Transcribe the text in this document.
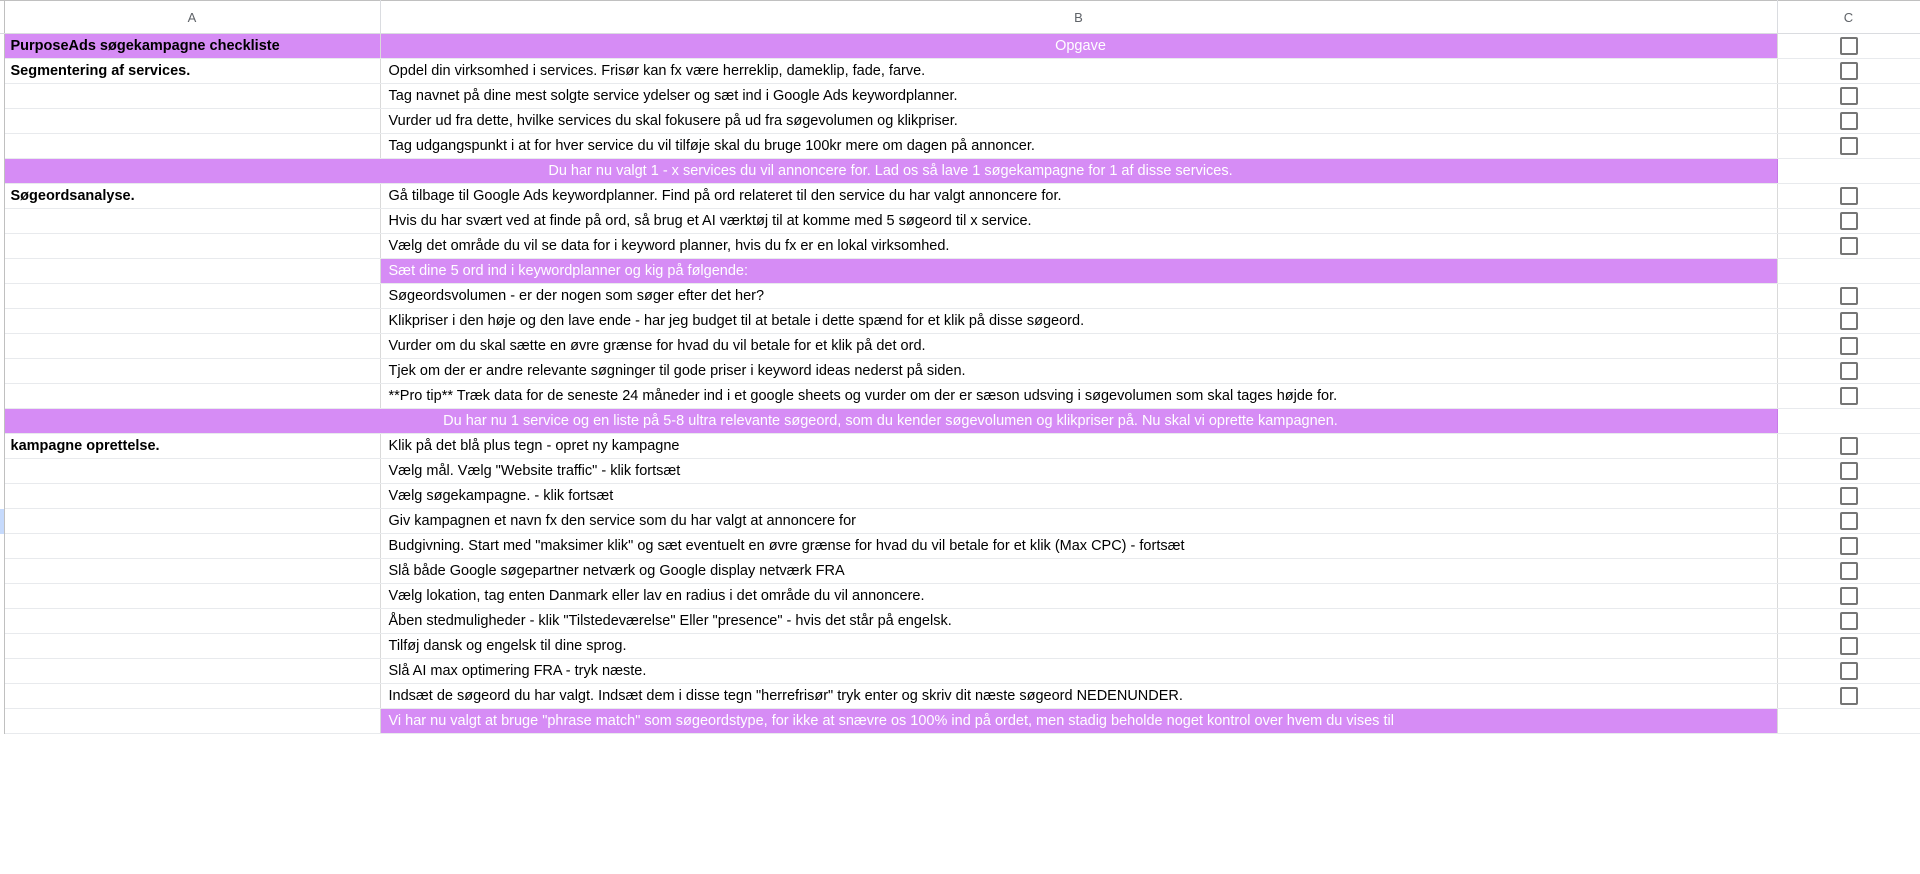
	A	B	C
	PurposeAds søgekampagne checkliste	Opgave	
	Segmentering af services.	Opdel din virksomhed i services. Frisør kan fx være herreklip, dameklip, fade, farve.	
		Tag navnet på dine mest solgte service ydelser og sæt ind i Google Ads keywordplanner.	
		Vurder ud fra dette, hvilke services du skal fokusere på ud fra søgevolumen og klikpriser.	
		Tag udgangspunkt i at for hver service du vil tilføje skal du bruge 100kr mere om dagen på annoncer.	
	Du har nu valgt 1 - x services du vil annoncere for. Lad os så lave 1 søgekampagne for 1 af disse services.		
	Søgeordsanalyse.	Gå tilbage til Google Ads keywordplanner. Find på ord relateret til den service du har valgt annoncere for.	
		Hvis du har svært ved at finde på ord, så brug et AI værktøj til at komme med 5 søgeord til x service.	
		Vælg det område du vil se data for i keyword planner, hvis du fx er en lokal virksomhed.	
		Sæt dine 5 ord ind i keywordplanner og kig på følgende:	
		Søgeordsvolumen - er der nogen som søger efter det her?	
		Klikpriser i den høje og den lave ende - har jeg budget til at betale i dette spænd for et klik på disse søgeord.	
		Vurder om du skal sætte en øvre grænse for hvad du vil betale for et klik på det ord.	
		Tjek om der er andre relevante søgninger til gode priser i keyword ideas nederst på siden.	
		**Pro tip** Træk data for de seneste 24 måneder ind i et google sheets og vurder om der er sæson udsving i søgevolumen som skal tages højde for.	
	Du har nu 1 service og en liste på 5-8 ultra relevante søgeord, som du kender søgevolumen og klikpriser på. Nu skal vi oprette kampagnen.		
	kampagne oprettelse.	Klik på det blå plus tegn - opret ny kampagne	
		Vælg mål. Vælg "Website traffic" - klik fortsæt	
		Vælg søgekampagne. - klik fortsæt	
		Giv kampagnen et navn fx den service som du har valgt at annoncere for	
		Budgivning. Start med "maksimer klik" og sæt eventuelt en øvre grænse for hvad du vil betale for et klik (Max CPC) - fortsæt	
		Slå både Google søgepartner netværk og Google display netværk FRA	
		Vælg lokation, tag enten Danmark eller lav en radius i det område du vil annoncere.	
		Åben stedmuligheder - klik "Tilstedeværelse" Eller "presence" - hvis det står på engelsk.	
		Tilføj dansk og engelsk til dine sprog.	
		Slå AI max optimering FRA - tryk næste.	
		Indsæt de søgeord du har valgt. Indsæt dem i disse tegn "herrefrisør" tryk enter og skriv dit næste søgeord NEDENUNDER.	
		Vi har nu valgt at bruge "phrase match" som søgeordstype, for ikke at snævre os 100% ind på ordet, men stadig beholde noget kontrol over hvem du vises til	
